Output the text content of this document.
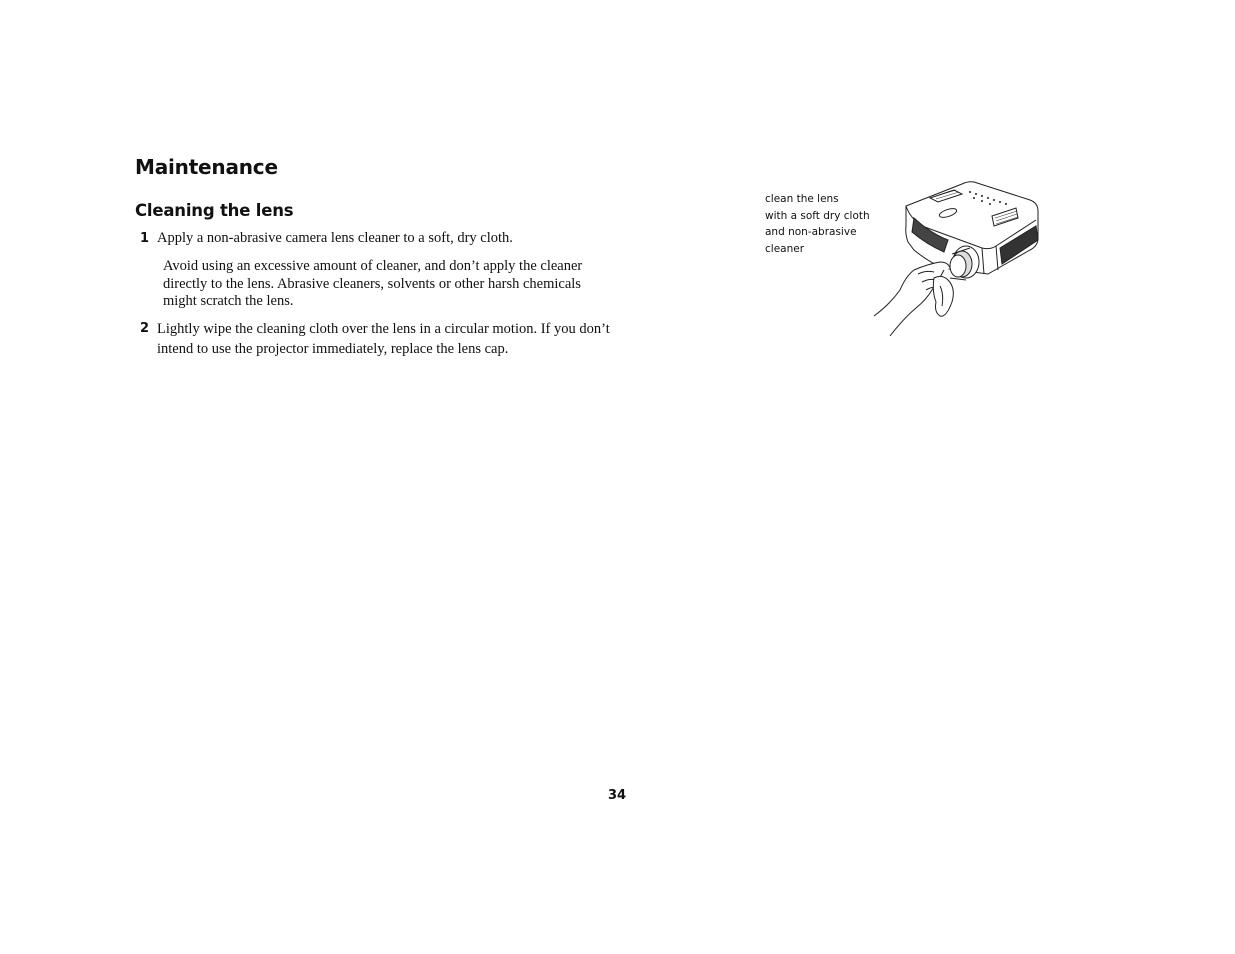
Maintenance
Cleaning the lens
1 Apply a non-abrasive camera lens cleaner to a soft, dry cloth.
Avoid using an excessive amount of cleaner, and don’t apply the cleaner directly to the lens. Abrasive cleaners, solvents or other harsh chemicals might scratch the lens.
2 Lightly wipe the cleaning cloth over the lens in a circular motion. If you don’t intend to use the projector immediately, replace the lens cap.
clean the lens
with a soft dry cloth
and non-abrasive
cleaner
34
